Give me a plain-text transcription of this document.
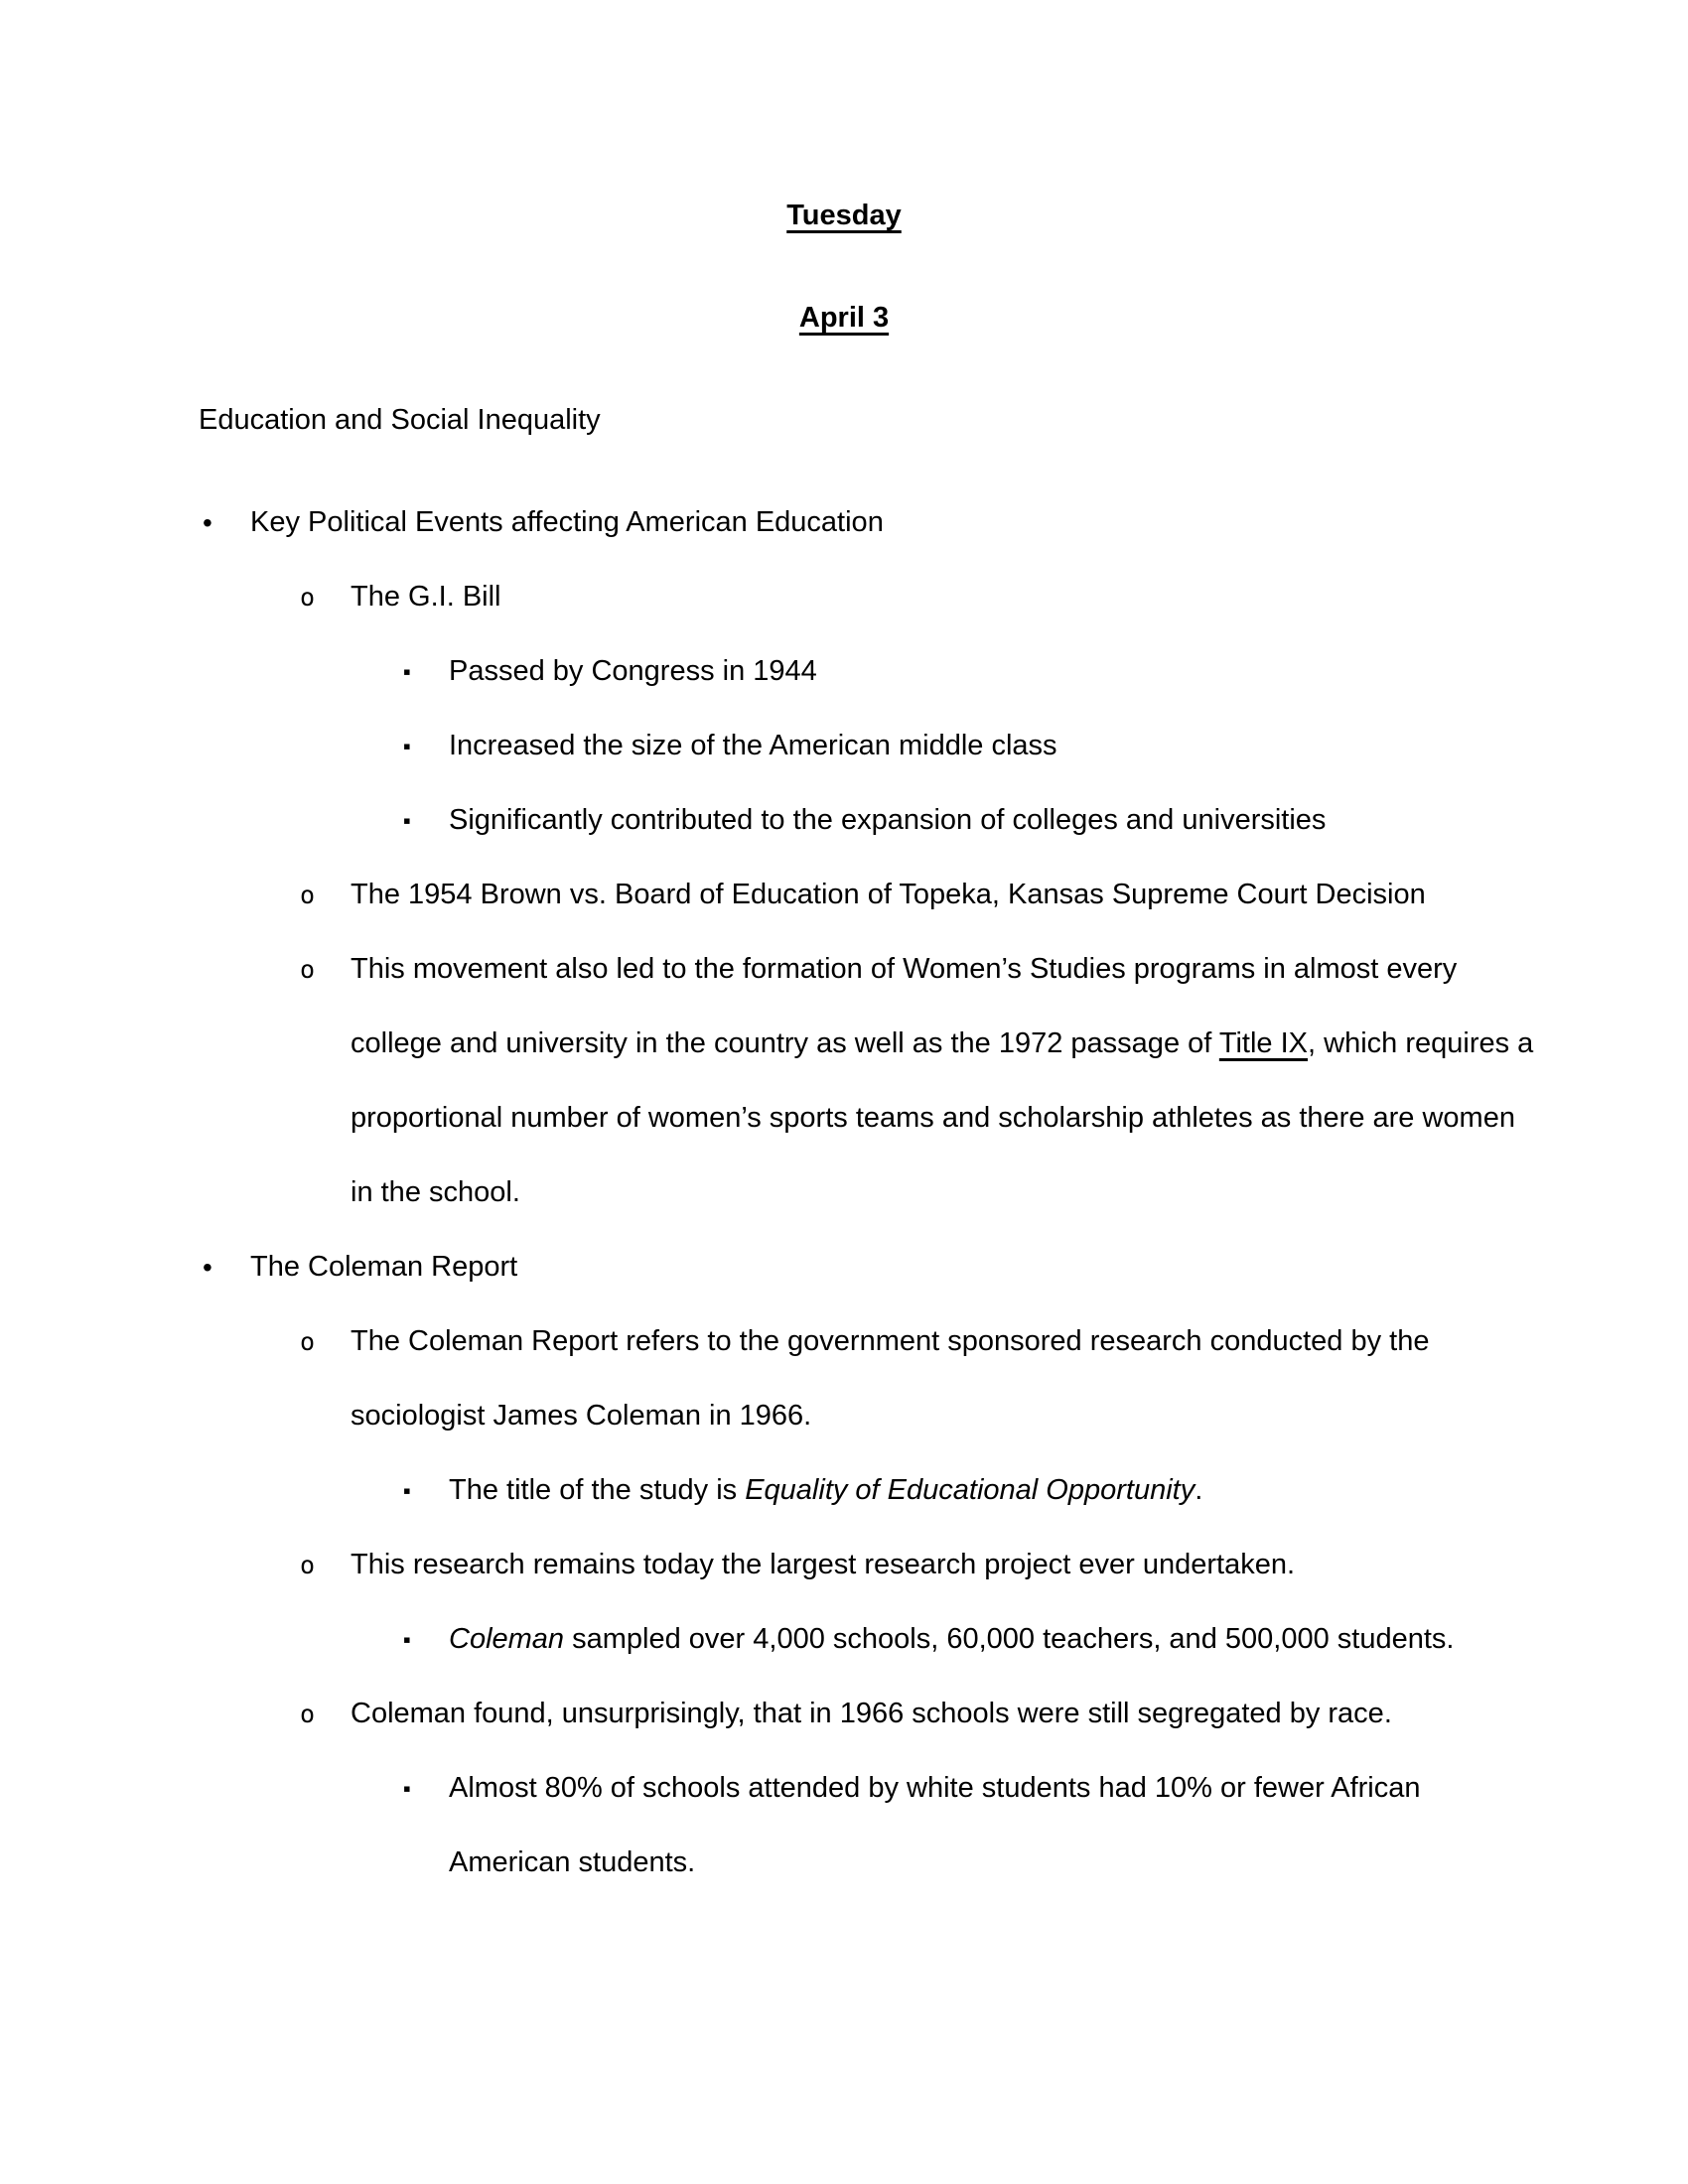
Tuesday
April 3
Education and Social Inequality
• Key Political Events affecting American Education
o The G.I. Bill
▪ Passed by Congress in 1944
▪ Increased the size of the American middle class
▪ Significantly contributed to the expansion of colleges and universities
o The 1954 Brown vs. Board of Education of Topeka, Kansas Supreme Court Decision
o This movement also led to the formation of Women’s Studies programs in almost every
college and university in the country as well as the 1972 passage of Title IX, which requires a
proportional number of women’s sports teams and scholarship athletes as there are women
in the school.
• The Coleman Report
o The Coleman Report refers to the government sponsored research conducted by the
sociologist James Coleman in 1966.
▪ The title of the study is Equality of Educational Opportunity.
o This research remains today the largest research project ever undertaken.
▪ Coleman sampled over 4,000 schools, 60,000 teachers, and 500,000 students.
o Coleman found, unsurprisingly, that in 1966 schools were still segregated by race.
▪ Almost 80% of schools attended by white students had 10% or fewer African
American students.
